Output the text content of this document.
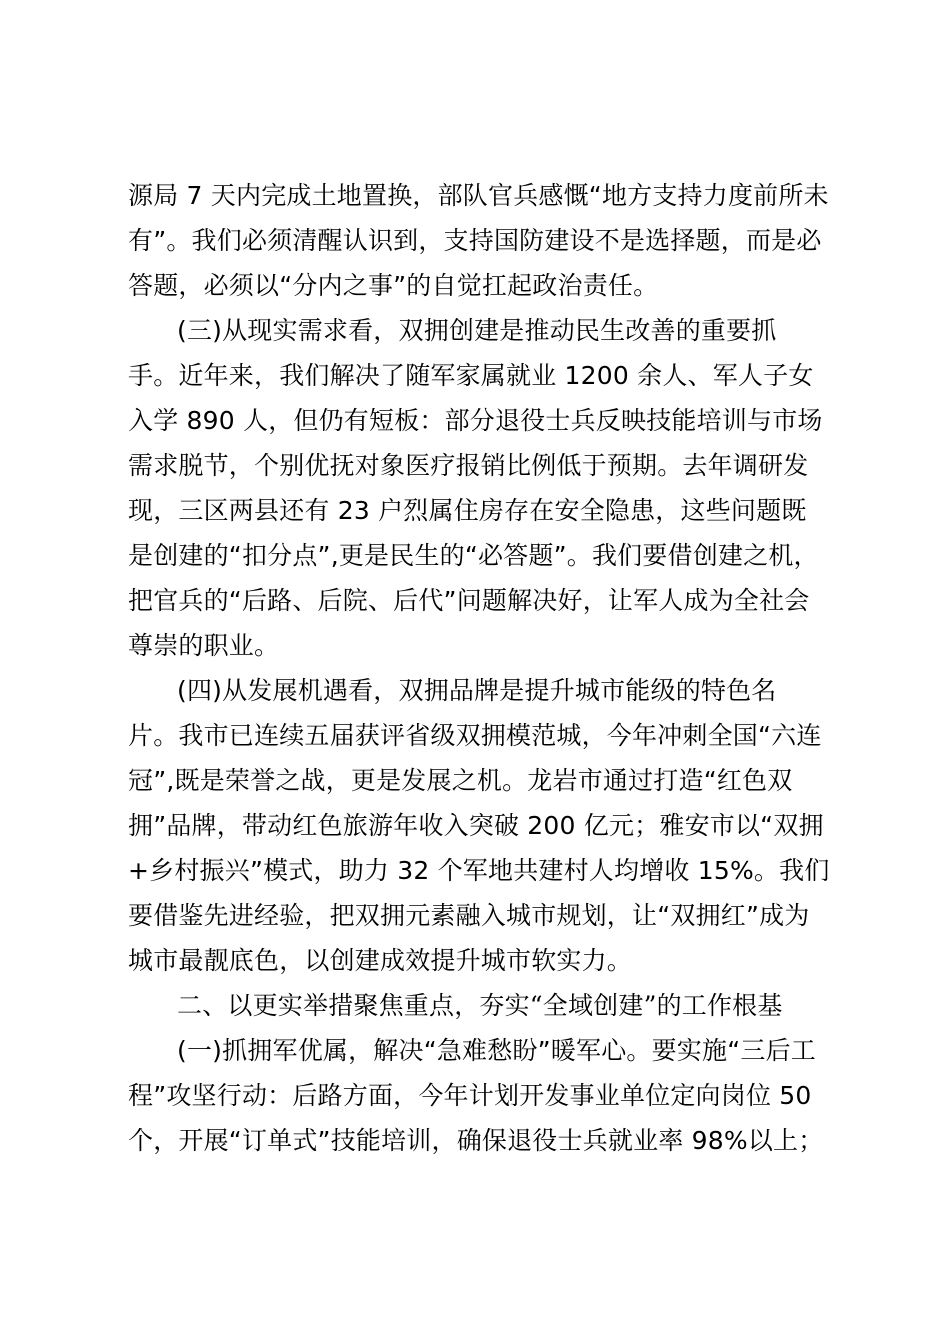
源局 7 天内完成土地置换，部队官兵感慨“地方支持力度前所未
有”。我们必须清醒认识到，支持国防建设不是选择题，而是必
答题，必须以“分内之事”的自觉扛起政治责任。
(三)从现实需求看，双拥创建是推动民生改善的重要抓
手。近年来，我们解决了随军家属就业 1200 余人、军人子女
入学 890 人，但仍有短板：部分退役士兵反映技能培训与市场
需求脱节，个别优抚对象医疗报销比例低于预期。去年调研发
现，三区两县还有 23 户烈属住房存在安全隐患，这些问题既
是创建的“扣分点”,更是民生的“必答题”。我们要借创建之机，
把官兵的“后路、后院、后代”问题解决好，让军人成为全社会
尊崇的职业。
(四)从发展机遇看，双拥品牌是提升城市能级的特色名
片。我市已连续五届获评省级双拥模范城，今年冲刺全国“六连
冠”,既是荣誉之战，更是发展之机。龙岩市通过打造“红色双
拥”品牌，带动红色旅游年收入突破 200 亿元；雅安市以“双拥
+乡村振兴”模式，助力 32 个军地共建村人均增收 15%。我们
要借鉴先进经验，把双拥元素融入城市规划，让“双拥红”成为
城市最靓底色，以创建成效提升城市软实力。
二、以更实举措聚焦重点，夯实“全域创建”的工作根基
(一)抓拥军优属，解决“急难愁盼”暖军心。要实施“三后工
程”攻坚行动：后路方面，今年计划开发事业单位定向岗位 50
个，开展“订单式”技能培训，确保退役士兵就业率 98%以上；
